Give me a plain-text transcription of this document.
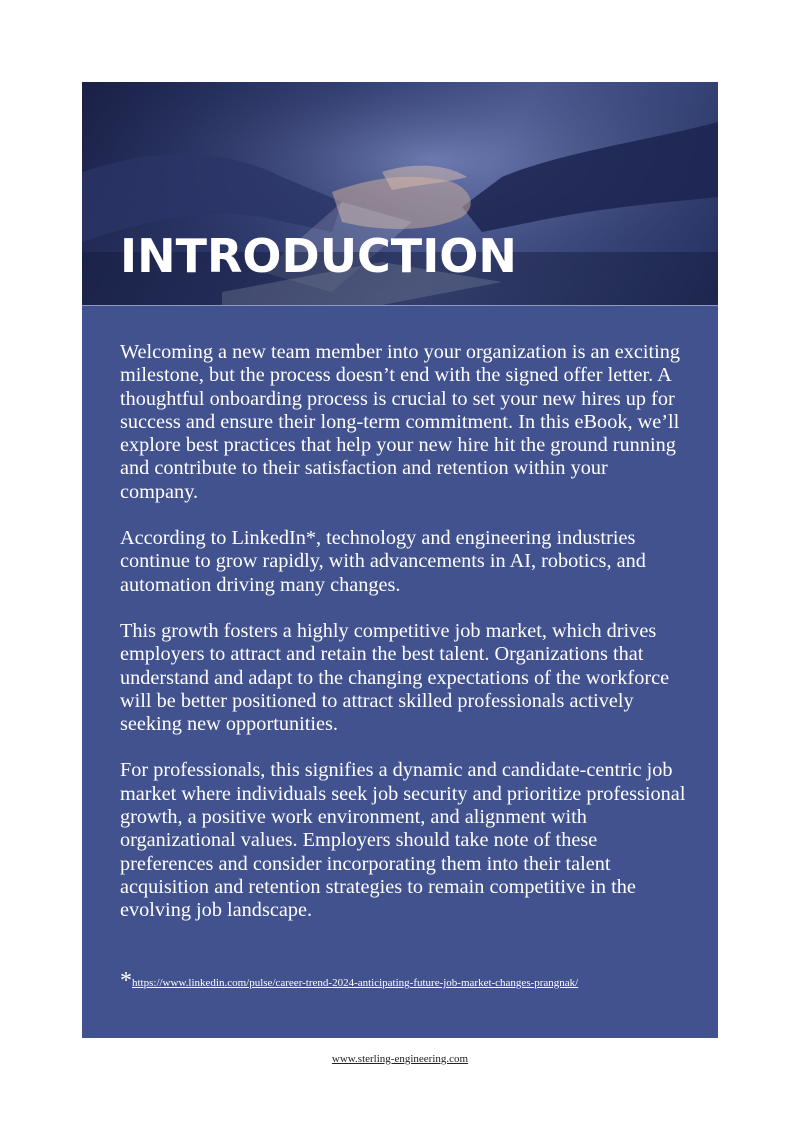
INTRODUCTION

Welcoming a new team member into your organization is an exciting milestone, but the process doesn’t end with the signed offer letter. A thoughtful onboarding process is crucial to set your new hires up for success and ensure their long-term commitment. In this eBook, we’ll explore best practices that help your new hire hit the ground running and contribute to their satisfaction and retention within your company.

According to LinkedIn*, technology and engineering industries continue to grow rapidly, with advancements in AI, robotics, and automation driving many changes.

This growth fosters a highly competitive job market, which drives employers to attract and retain the best talent. Organizations that understand and adapt to the changing expectations of the workforce will be better positioned to attract skilled professionals actively seeking new opportunities.

For professionals, this signifies a dynamic and candidate-centric job market where individuals seek job security and prioritize professional growth, a positive work environment, and alignment with organizational values. Employers should take note of these preferences and consider incorporating them into their talent acquisition and retention strategies to remain competitive in the evolving job landscape.

*https://www.linkedin.com/pulse/career-trend-2024-anticipating-future-job-market-changes-prangnak/
www.sterling-engineering.com
